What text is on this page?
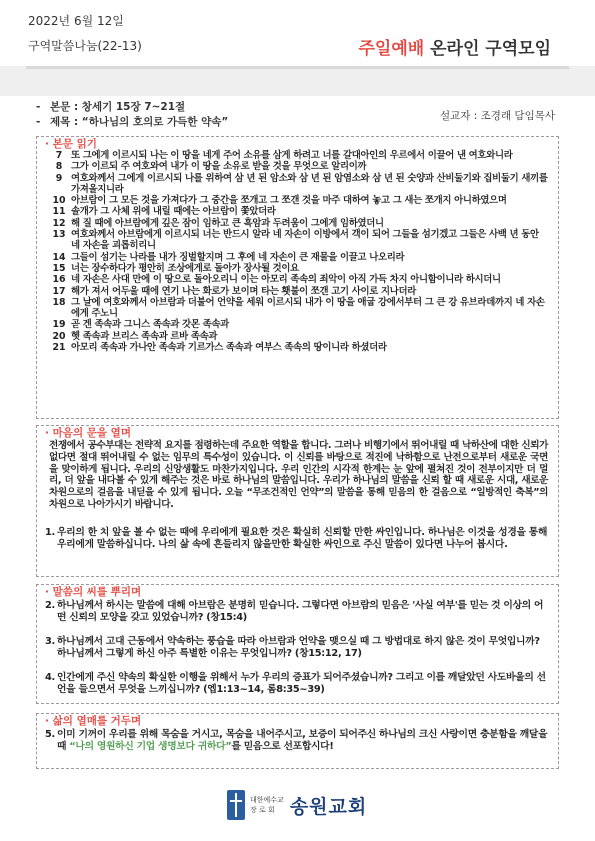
2022년 6월 12일
구역말씀나눔(22-13)	주일예배 온라인 구역모임
- 본문 : 창세기 15장 7~21절
- 제목 : “하나님의 호의로 가득한 약속”	설교자 : 조경래 담임목사
· 본문 읽기
7 또 그에게 이르시되 나는 이 땅을 네게 주어 소유를 삼게 하려고 너를 갈대아인의 우르에서 이끌어 낸 여호와니라
8 그가 이르되 주 여호와여 내가 이 땅을 소유로 받을 것을 무엇으로 알리이까
9 여호와께서 그에게 이르시되 나를 위하여 삼 년 된 암소와 삼 년 된 암염소와 삼 년 된 숫양과 산비둘기와 집비둘기 새끼를 가져올지니라
10 아브람이 그 모든 것을 가져다가 그 중간을 쪼개고 그 쪼갠 것을 마주 대하여 놓고 그 새는 쪼개지 아니하였으며
11 솔개가 그 사체 위에 내릴 때에는 아브람이 쫓았더라
12 해 질 때에 아브람에게 깊은 잠이 임하고 큰 흑암과 두려움이 그에게 임하였더니
13 여호와께서 아브람에게 이르시되 너는 반드시 알라 네 자손이 이방에서 객이 되어 그들을 섬기겠고 그들은 사백 년 동안 네 자손을 괴롭히리니
14 그들이 섬기는 나라를 내가 징벌할지며 그 후에 네 자손이 큰 재물을 이끌고 나오리라
15 너는 장수하다가 평안히 조상에게로 돌아가 장사될 것이요
16 네 자손은 사대 만에 이 땅으로 돌아오리니 이는 아모리 족속의 죄악이 아직 가득 차지 아니함이니라 하시더니
17 해가 져서 어두울 때에 연기 나는 화로가 보이며 타는 횃불이 쪼갠 고기 사이로 지나더라
18 그 날에 여호와께서 아브람과 더불어 언약을 세워 이르시되 내가 이 땅을 애굽 강에서부터 그 큰 강 유브라데까지 네 자손에게 주노니
19 곧 겐 족속과 그니스 족속과 갓몬 족속과
20 헷 족속과 브리스 족속과 르바 족속과
21 아모리 족속과 가나안 족속과 기르가스 족속과 여부스 족속의 땅이니라 하셨더라
· 마음의 문을 열며
전쟁에서 공수부대는 전략적 요지를 점령하는데 주요한 역할을 합니다. 그러나 비행기에서 뛰어내릴 때 낙하산에 대한 신뢰가 없다면 절대 뛰어내릴 수 없는 임무의 특수성이 있습니다. 이 신뢰를 바탕으로 적진에 낙하함으로 난전으로부터 새로운 국면을 맞이하게 됩니다. 우리의 신앙생활도 마찬가지입니다. 우리 인간의 시각적 한계는 눈 앞에 펼쳐진 것이 전부이지만 더 멀리, 더 앞을 내다볼 수 있게 해주는 것은 바로 하나님의 말씀입니다. 우리가 하나님의 말씀을 신뢰 할 때 새로운 시대, 새로운 차원으로의 걸음을 내딛을 수 있게 됩니다. 오늘 “무조건적인 언약”의 말씀을 통해 믿음의 한 걸음으로 “일방적인 축복”의 차원으로 나아가시기 바랍니다.
1. 우리의 한 치 앞을 볼 수 없는 때에 우리에게 필요한 것은 확실히 신뢰할 만한 싸인입니다. 하나님은 이것을 성경을 통해 우리에게 말씀하십니다. 나의 삶 속에 흔들리지 않을만한 확실한 싸인으로 주신 말씀이 있다면 나누어 봅시다.
· 말씀의 씨를 뿌리며
2. 하나님께서 하시는 말씀에 대해 아브람은 분명히 믿습니다. 그렇다면 아브람의 믿음은 '사실 여부'를 믿는 것 이상의 어떤 신뢰의 모양을 갖고 있었습니까? (창15:4)
3. 하나님께서 고대 근동에서 약속하는 풍습을 따라 아브람과 언약을 맺으실 때 그 방법대로 하지 않은 것이 무엇입니까? 하나님께서 그렇게 하신 아주 특별한 이유는 무엇입니까? (창15:12, 17)
4. 인간에게 주신 약속의 확실한 이행을 위해서 누가 우리의 증표가 되어주셨습니까? 그리고 이를 깨달았던 사도바울의 선언을 들으면서 무엇을 느끼십니까? (엡1:13~14, 롬8:35~39)
· 삶의 열매를 거두며
5. 이미 기꺼이 우리를 위해 목숨을 거시고, 목숨을 내어주시고, 보증이 되어주신 하나님의 크신 사랑이면 충분함을 깨달을 때 “나의 영원하신 기업 생명보다 귀하다”를 믿음으로 선포합시다!
대한예수교
장 로 회 송원교회
